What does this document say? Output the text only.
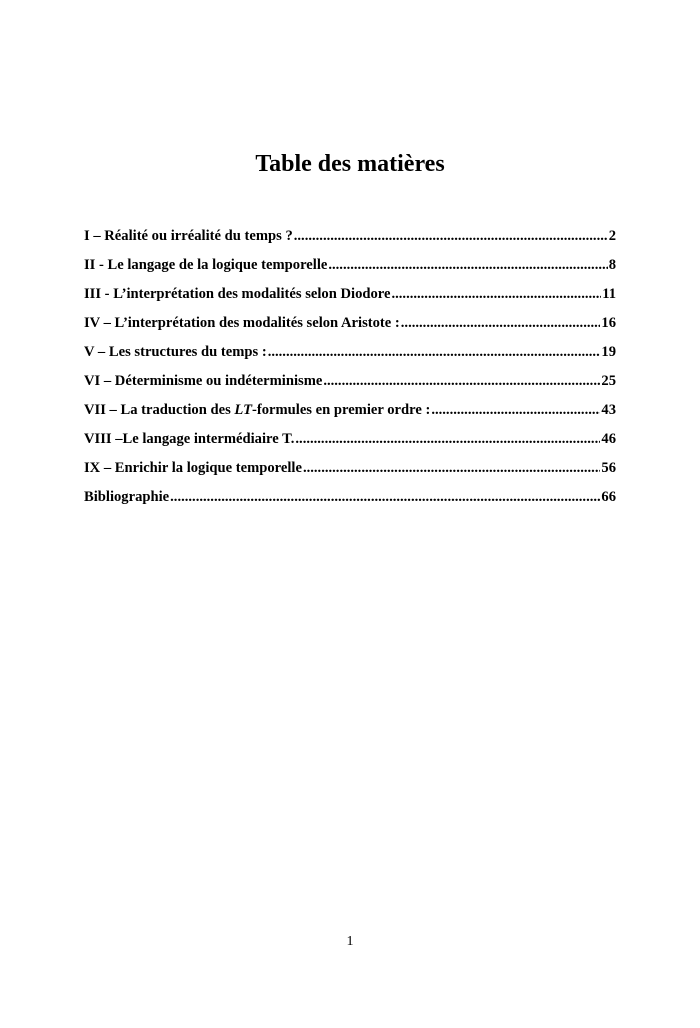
Table des matières
I – Réalité ou irréalité du temps ? .....	2
II - Le langage de la logique temporelle .....	8
III - L’interprétation des modalités selon Diodore .....	11
IV – L’interprétation des modalités selon Aristote : .....	16
V – Les structures du temps : .....	19
VI – Déterminisme ou indéterminisme .....	25
VII – La traduction des LT-formules en premier ordre : .....	43
VIII –Le langage intermédiaire T. .....	46
IX – Enrichir la logique temporelle .....	56
Bibliographie .....	66
1
